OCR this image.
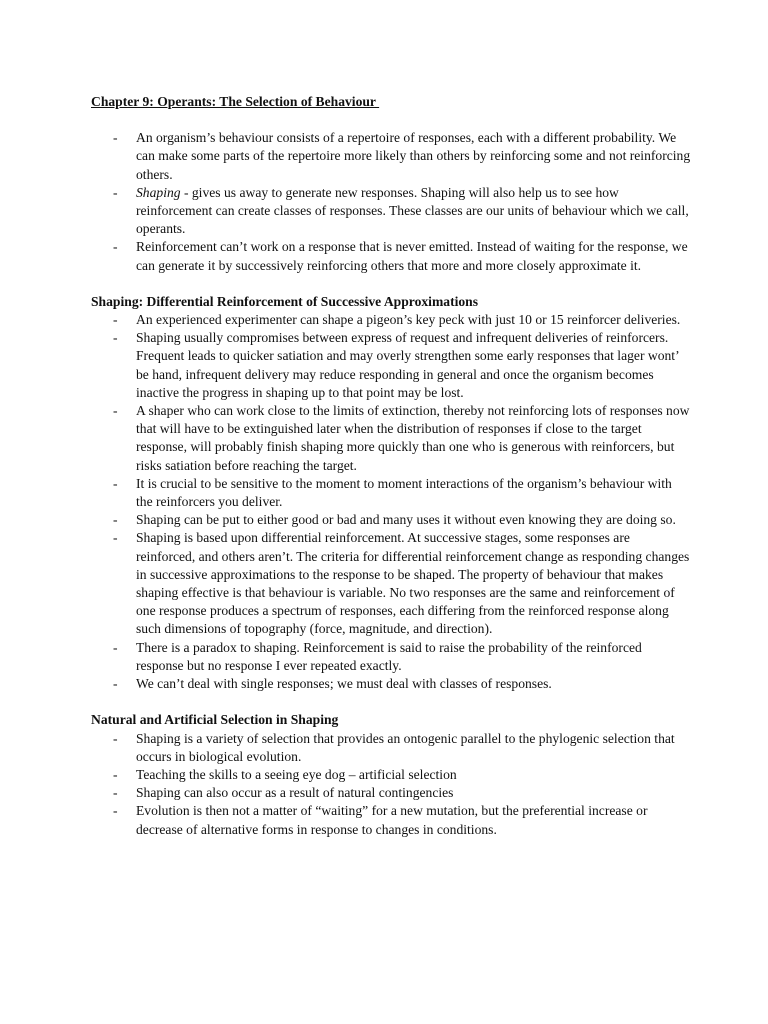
Chapter 9: Operants: The Selection of Behaviour
- An organism’s behaviour consists of a repertoire of responses, each with a different probability. We can make some parts of the repertoire more likely than others by reinforcing some and not reinforcing others.
- Shaping - gives us away to generate new responses. Shaping will also help us to see how reinforcement can create classes of responses. These classes are our units of behaviour which we call, operants.
- Reinforcement can’t work on a response that is never emitted. Instead of waiting for the response, we can generate it by successively reinforcing others that more and more closely approximate it.
Shaping: Differential Reinforcement of Successive Approximations
- An experienced experimenter can shape a pigeon’s key peck with just 10 or 15 reinforcer deliveries.
- Shaping usually compromises between express of request and infrequent deliveries of reinforcers. Frequent leads to quicker satiation and may overly strengthen some early responses that lager wont’ be hand, infrequent delivery may reduce responding in general and once the organism becomes inactive the progress in shaping up to that point may be lost.
- A shaper who can work close to the limits of extinction, thereby not reinforcing lots of responses now that will have to be extinguished later when the distribution of responses if close to the target response, will probably finish shaping more quickly than one who is generous with reinforcers, but risks satiation before reaching the target.
- It is crucial to be sensitive to the moment to moment interactions of the organism’s behaviour with the reinforcers you deliver.
- Shaping can be put to either good or bad and many uses it without even knowing they are doing so.
- Shaping is based upon differential reinforcement. At successive stages, some responses are reinforced, and others aren’t. The criteria for differential reinforcement change as responding changes in successive approximations to the response to be shaped. The property of behaviour that makes shaping effective is that behaviour is variable. No two responses are the same and reinforcement of one response produces a spectrum of responses, each differing from the reinforced response along such dimensions of topography (force, magnitude, and direction).
- There is a paradox to shaping. Reinforcement is said to raise the probability of the reinforced response but no response I ever repeated exactly.
- We can’t deal with single responses; we must deal with classes of responses.
Natural and Artificial Selection in Shaping
- Shaping is a variety of selection that provides an ontogenic parallel to the phylogenic selection that occurs in biological evolution.
- Teaching the skills to a seeing eye dog – artificial selection
- Shaping can also occur as a result of natural contingencies
- Evolution is then not a matter of “waiting” for a new mutation, but the preferential increase or decrease of alternative forms in response to changes in conditions.
